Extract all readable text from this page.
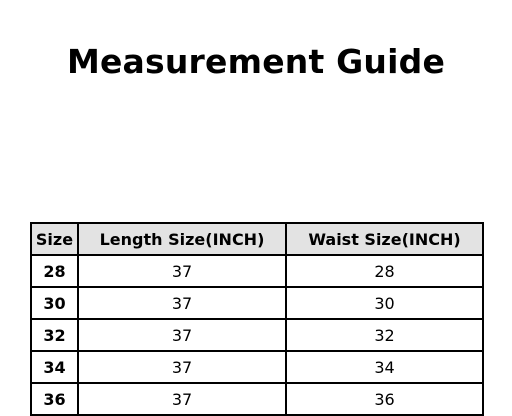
Measurement Guide
Size	Length Size(INCH)	Waist Size(INCH)
28	37	28
30	37	30
32	37	32
34	37	34
36	37	36
